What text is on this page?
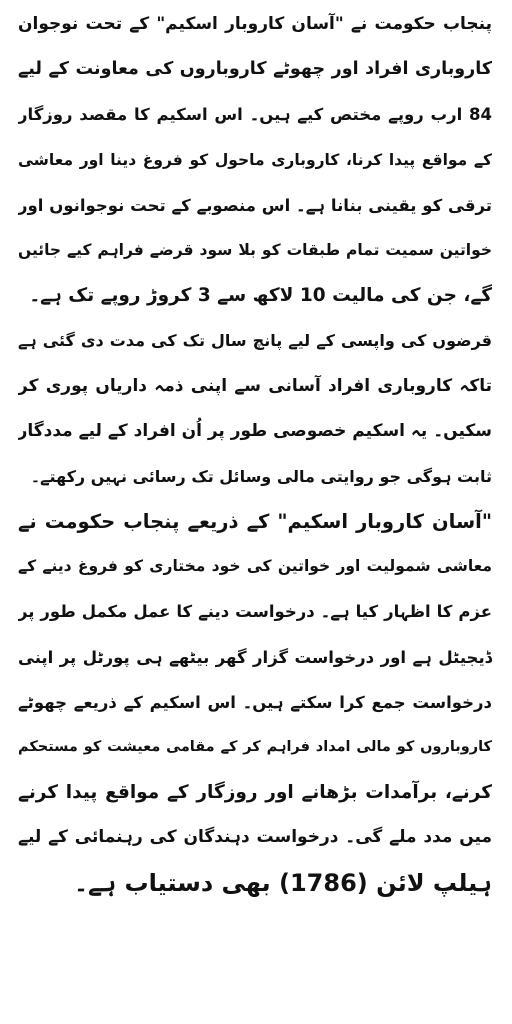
پنجاب حکومت نے "آسان کاروبار اسکیم" کے تحت نوجوان

کاروباری افراد اور چھوٹے کاروباروں کی معاونت کے لیے

84 ارب روپے مختص کیے ہیں۔ اس اسکیم کا مقصد روزگار

کے مواقع پیدا کرنا، کاروباری ماحول کو فروغ دینا اور معاشی

ترقی کو یقینی بنانا ہے۔ اس منصوبے کے تحت نوجوانوں اور

خواتین سمیت تمام طبقات کو بلا سود قرضے فراہم کیے جائیں

گے، جن کی مالیت 10 لاکھ سے 3 کروڑ روپے تک ہے۔

قرضوں کی واپسی کے لیے پانچ سال تک کی مدت دی گئی ہے

تاکہ کاروباری افراد آسانی سے اپنی ذمہ داریاں پوری کر

سکیں۔ یہ اسکیم خصوصی طور پر اُن افراد کے لیے مددگار

ثابت ہوگی جو روایتی مالی وسائل تک رسائی نہیں رکھتے۔

"آسان کاروبار اسکیم" کے ذریعے پنجاب حکومت نے

معاشی شمولیت اور خواتین کی خود مختاری کو فروغ دینے کے

عزم کا اظہار کیا ہے۔ درخواست دینے کا عمل مکمل طور پر

ڈیجیٹل ہے اور درخواست گزار گھر بیٹھے ہی پورٹل پر اپنی

درخواست جمع کرا سکتے ہیں۔ اس اسکیم کے ذریعے چھوٹے

کاروباروں کو مالی امداد فراہم کر کے مقامی معیشت کو مستحکم

کرنے، برآمدات بڑھانے اور روزگار کے مواقع پیدا کرنے

میں مدد ملے گی۔ درخواست دہندگان کی رہنمائی کے لیے

ہیلپ لائن (1786) بھی دستیاب ہے۔
